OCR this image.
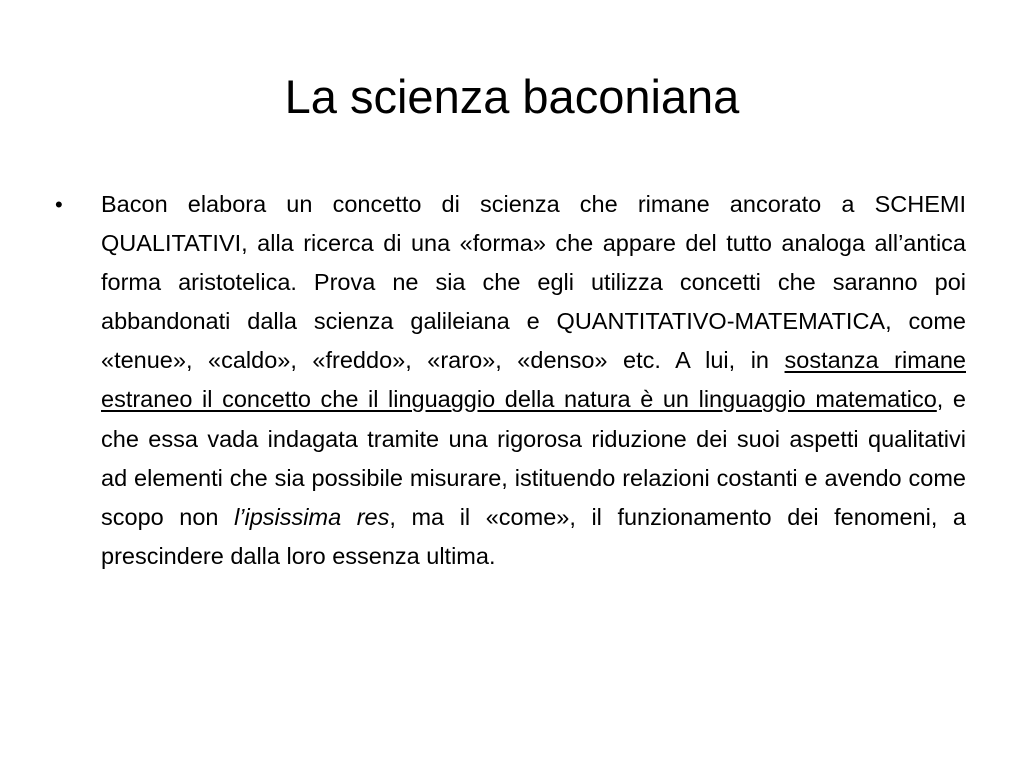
La scienza baconiana
• Bacon elabora un concetto di scienza che rimane ancorato a SCHEMI QUALITATIVI, alla ricerca di una «forma» che appare del tutto analoga all’antica forma aristotelica. Prova ne sia che egli utilizza concetti che saranno poi abbandonati dalla scienza galileiana e QUANTITATIVO-MATEMATICA, come «tenue», «caldo», «freddo», «raro», «denso» etc. A lui, in sostanza rimane estraneo il concetto che il linguaggio della natura è un linguaggio matematico, e che essa vada indagata tramite una rigorosa riduzione dei suoi aspetti qualitativi ad elementi che sia possibile misurare, istituendo relazioni costanti e avendo come scopo non l’ipsissima res, ma il «come», il funzionamento dei fenomeni, a prescindere dalla loro essenza ultima.
